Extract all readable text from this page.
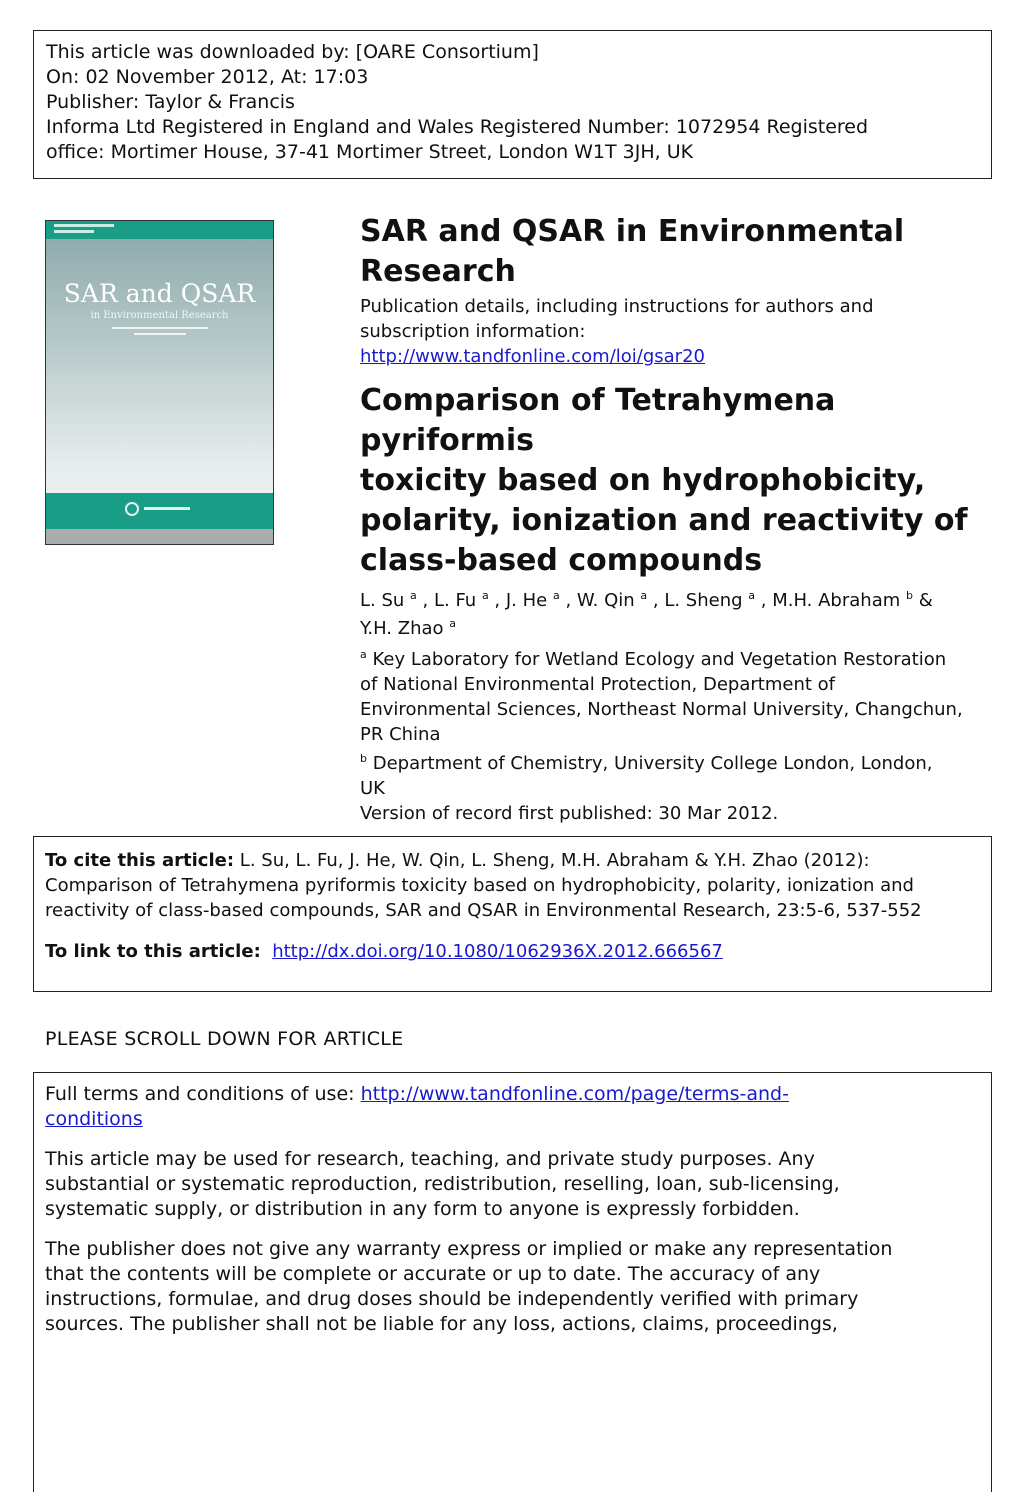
This article was downloaded by: [OARE Consortium]
On: 02 November 2012, At: 17:03
Publisher: Taylor & Francis
Informa Ltd Registered in England and Wales Registered Number: 1072954 Registered
office: Mortimer House, 37-41 Mortimer Street, London W1T 3JH, UK
SAR and QSAR
in Environmental Research
SAR and QSAR in Environmental Research
Publication details, including instructions for authors and
subscription information:
http://www.tandfonline.com/loi/gsar20
Comparison of Tetrahymena pyriformis
toxicity based on hydrophobicity,
polarity, ionization and reactivity of
class-based compounds
L. Su $^a$ , L. Fu $^a$ , J. He $^a$ , W. Qin $^a$ , L. Sheng $^a$ , M.H. Abraham $^b$ &
Y.H. Zhao $^a$
$^a$ Key Laboratory for Wetland Ecology and Vegetation Restoration
of National Environmental Protection, Department of
Environmental Sciences, Northeast Normal University, Changchun,
PR China
$^b$ Department of Chemistry, University College London, London,
UK
Version of record first published: 30 Mar 2012.
To cite this article: L. Su, L. Fu, J. He, W. Qin, L. Sheng, M.H. Abraham & Y.H. Zhao (2012):
Comparison of Tetrahymena pyriformis toxicity based on hydrophobicity, polarity, ionization and
reactivity of class-based compounds, SAR and QSAR in Environmental Research, 23:5-6, 537-552
To link to this article: http://dx.doi.org/10.1080/1062936X.2012.666567
PLEASE SCROLL DOWN FOR ARTICLE

Full terms and conditions of use: http://www.tandfonline.com/page/terms-and-
conditions

This article may be used for research, teaching, and private study purposes. Any
substantial or systematic reproduction, redistribution, reselling, loan, sub-licensing,
systematic supply, or distribution in any form to anyone is expressly forbidden.

The publisher does not give any warranty express or implied or make any representation
that the contents will be complete or accurate or up to date. The accuracy of any
instructions, formulae, and drug doses should be independently verified with primary
sources. The publisher shall not be liable for any loss, actions, claims, proceedings,
